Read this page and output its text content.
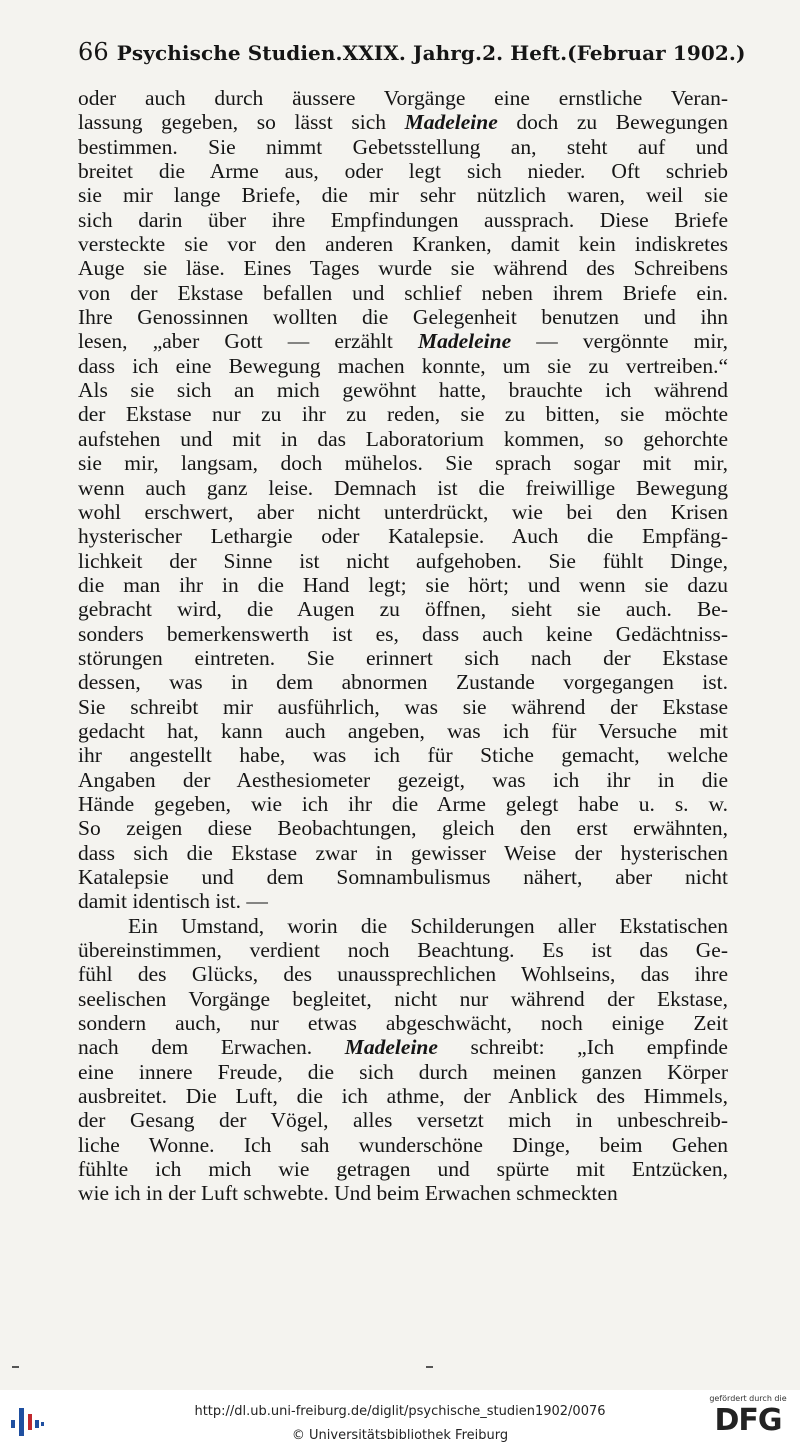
66 Psychische Studien. XXIX. Jahrg. 2. Heft. (Februar 1902.)
oder auch durch äussere Vorgänge eine ernstliche Veran-
lassung gegeben, so lässt sich Madeleine doch zu Bewegungen
bestimmen. Sie nimmt Gebetsstellung an, steht auf und
breitet die Arme aus, oder legt sich nieder. Oft schrieb
sie mir lange Briefe, die mir sehr nützlich waren, weil sie
sich darin über ihre Empfindungen aussprach. Diese Briefe
versteckte sie vor den anderen Kranken, damit kein indiskretes
Auge sie läse. Eines Tages wurde sie während des Schreibens
von der Ekstase befallen und schlief neben ihrem Briefe ein.
Ihre Genossinnen wollten die Gelegenheit benutzen und ihn
lesen, „aber Gott — erzählt Madeleine — vergönnte mir,
dass ich eine Bewegung machen konnte, um sie zu vertreiben.“
Als sie sich an mich gewöhnt hatte, brauchte ich während
der Ekstase nur zu ihr zu reden, sie zu bitten, sie möchte
aufstehen und mit in das Laboratorium kommen, so gehorchte
sie mir, langsam, doch mühelos. Sie sprach sogar mit mir,
wenn auch ganz leise. Demnach ist die freiwillige Bewegung
wohl erschwert, aber nicht unterdrückt, wie bei den Krisen
hysterischer Lethargie oder Katalepsie. Auch die Empfäng-
lichkeit der Sinne ist nicht aufgehoben. Sie fühlt Dinge,
die man ihr in die Hand legt; sie hört; und wenn sie dazu
gebracht wird, die Augen zu öffnen, sieht sie auch. Be-
sonders bemerkenswerth ist es, dass auch keine Gedächtniss-
störungen eintreten. Sie erinnert sich nach der Ekstase
dessen, was in dem abnormen Zustande vorgegangen ist.
Sie schreibt mir ausführlich, was sie während der Ekstase
gedacht hat, kann auch angeben, was ich für Versuche mit
ihr angestellt habe, was ich für Stiche gemacht, welche
Angaben der Aesthesiometer gezeigt, was ich ihr in die
Hände gegeben, wie ich ihr die Arme gelegt habe u. s. w.
So zeigen diese Beobachtungen, gleich den erst erwähnten,
dass sich die Ekstase zwar in gewisser Weise der hysterischen
Katalepsie und dem Somnambulismus nähert, aber nicht
damit identisch ist. —
Ein Umstand, worin die Schilderungen aller Ekstatischen
übereinstimmen, verdient noch Beachtung. Es ist das Ge-
fühl des Glücks, des unaussprechlichen Wohlseins, das ihre
seelischen Vorgänge begleitet, nicht nur während der Ekstase,
sondern auch, nur etwas abgeschwächt, noch einige Zeit
nach dem Erwachen. Madeleine schreibt: „Ich empfinde
eine innere Freude, die sich durch meinen ganzen Körper
ausbreitet. Die Luft, die ich athme, der Anblick des Himmels,
der Gesang der Vögel, alles versetzt mich in unbeschreib-
liche Wonne. Ich sah wunderschöne Dinge, beim Gehen
fühlte ich mich wie getragen und spürte mit Entzücken,
wie ich in der Luft schwebte. Und beim Erwachen schmeckten
http://dl.ub.uni-freiburg.de/diglit/psychische_studien1902/0076
© Universitätsbibliothek Freiburg
gefördert durch die
DFG
